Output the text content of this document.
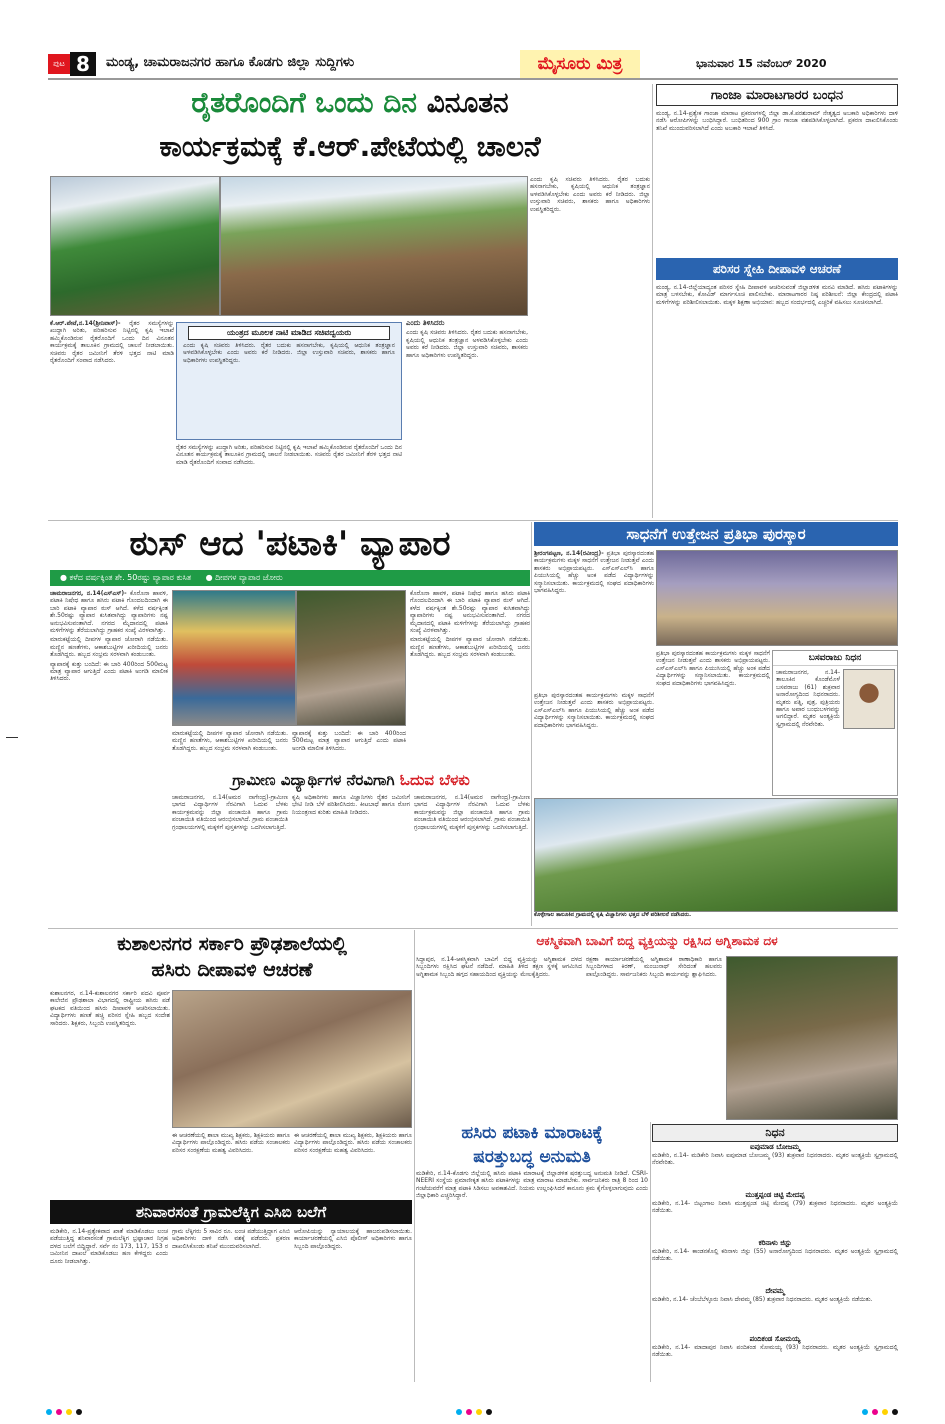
ಪುಟ 8	ಮಂಡ್ಯ, ಚಾಮರಾಜನಗರ ಹಾಗೂ ಕೊಡಗು ಜಿಲ್ಲಾ ಸುದ್ದಿಗಳು	ಮೈಸೂರು ಮಿತ್ರ	ಭಾನುವಾರ 15 ನವೆಂಬರ್ 2020
ರೈತರೊಂದಿಗೆ ಒಂದು ದಿನ ವಿನೂತನ
ಕಾರ್ಯಕ್ರಮಕ್ಕೆ ಕೆ.ಆರ್.ಪೇಟೆಯಲ್ಲಿ ಚಾಲನೆ

ಕೆ.ಆರ್.ಪೇಟೆ,ನ.14(ಶ್ರೀನಿವಾಸ್)- ರೈತರ ಸಮಸ್ಯೆಗಳನ್ನು ಖುದ್ದಾಗಿ ಅರಿತು, ಪರಿಹರಿಸುವ ನಿಟ್ಟಿನಲ್ಲಿ ಕೃಷಿ ಇಲಾಖೆ ಹಮ್ಮಿಕೊಂಡಿರುವ ರೈತರೊಂದಿಗೆ ಒಂದು ದಿನ ವಿನೂತನ ಕಾರ್ಯಕ್ರಮಕ್ಕೆ ತಾಲೂಕಿನ ಗ್ರಾಮದಲ್ಲಿ ಚಾಲನೆ ನೀಡಲಾಯಿತು. ಸಚಿವರು ರೈತರ ಜಮೀನಿಗೆ ತೆರಳಿ ಭತ್ತದ ನಾಟಿ ಮಾಡಿ ರೈತರೊಂದಿಗೆ ಸಂವಾದ ನಡೆಸಿದರು.

ಯಂತ್ರದ ಮೂಲಕ ನಾಟಿ ಮಾಡಿದ ಸಚಿವದ್ವಯರು
ಎಂದು ಕೃಷಿ ಸಚಿವರು ತಿಳಿಸಿದರು. ರೈತರ ಬದುಕು ಹಸನಾಗಬೇಕು, ಕೃಷಿಯಲ್ಲಿ ಆಧುನಿಕ ತಂತ್ರಜ್ಞಾನ ಅಳವಡಿಸಿಕೊಳ್ಳಬೇಕು ಎಂದು ಅವರು ಕರೆ ನೀಡಿದರು. ಜಿಲ್ಲಾ ಉಸ್ತುವಾರಿ ಸಚಿವರು, ಶಾಸಕರು ಹಾಗೂ ಅಧಿಕಾರಿಗಳು ಉಪಸ್ಥಿತರಿದ್ದರು.
ರೈತರ ಸಮಸ್ಯೆಗಳನ್ನು ಖುದ್ದಾಗಿ ಅರಿತು, ಪರಿಹರಿಸುವ ನಿಟ್ಟಿನಲ್ಲಿ ಕೃಷಿ ಇಲಾಖೆ ಹಮ್ಮಿಕೊಂಡಿರುವ ರೈತರೊಂದಿಗೆ ಒಂದು ದಿನ ವಿನೂತನ ಕಾರ್ಯಕ್ರಮಕ್ಕೆ ತಾಲೂಕಿನ ಗ್ರಾಮದಲ್ಲಿ ಚಾಲನೆ ನೀಡಲಾಯಿತು. ಸಚಿವರು ರೈತರ ಜಮೀನಿಗೆ ತೆರಳಿ ಭತ್ತದ ನಾಟಿ ಮಾಡಿ ರೈತರೊಂದಿಗೆ ಸಂವಾದ ನಡೆಸಿದರು.

ಎಂದು ತಿಳಿಸಿದರು

ಎಂದು ಕೃಷಿ ಸಚಿವರು ತಿಳಿಸಿದರು. ರೈತರ ಬದುಕು ಹಸನಾಗಬೇಕು, ಕೃಷಿಯಲ್ಲಿ ಆಧುನಿಕ ತಂತ್ರಜ್ಞಾನ ಅಳವಡಿಸಿಕೊಳ್ಳಬೇಕು ಎಂದು ಅವರು ಕರೆ ನೀಡಿದರು. ಜಿಲ್ಲಾ ಉಸ್ತುವಾರಿ ಸಚಿವರು, ಶಾಸಕರು ಹಾಗೂ ಅಧಿಕಾರಿಗಳು ಉಪಸ್ಥಿತರಿದ್ದರು.

ಎಂದು ಕೃಷಿ ಸಚಿವರು ತಿಳಿಸಿದರು. ರೈತರ ಬದುಕು ಹಸನಾಗಬೇಕು, ಕೃಷಿಯಲ್ಲಿ ಆಧುನಿಕ ತಂತ್ರಜ್ಞಾನ ಅಳವಡಿಸಿಕೊಳ್ಳಬೇಕು ಎಂದು ಅವರು ಕರೆ ನೀಡಿದರು. ಜಿಲ್ಲಾ ಉಸ್ತುವಾರಿ ಸಚಿವರು, ಶಾಸಕರು ಹಾಗೂ ಅಧಿಕಾರಿಗಳು ಉಪಸ್ಥಿತರಿದ್ದರು.
ಗಾಂಜಾ ಮಾರಾಟಗಾರರ ಬಂಧನ
ಮಂಡ್ಯ, ನ.14-ಪ್ರತ್ಯೇಕ ಗಾಂಜಾ ಮಾರಾಟ ಪ್ರಕರಣಗಳಲ್ಲಿ ಜಿಲ್ಲಾ ಡಾ.ಕೆ.ಪರಶುರಾಮ್ ನೇತೃತ್ವದ ಅಬಕಾರಿ ಅಧಿಕಾರಿಗಳು ದಾಳಿ ನಡೆಸಿ ಆರೋಪಿಗಳನ್ನು ಬಂಧಿಸಿದ್ದಾರೆ. ಬಂಧಿತರಿಂದ 900 ಗ್ರಾಂ ಗಾಂಜಾ ವಶಪಡಿಸಿಕೊಳ್ಳಲಾಗಿದೆ. ಪ್ರಕರಣ ದಾಖಲಿಸಿಕೊಂಡು ತನಿಖೆ ಮುಂದುವರಿಸಲಾಗಿದೆ ಎಂದು ಅಬಕಾರಿ ಇಲಾಖೆ ತಿಳಿಸಿದೆ.
ಪರಿಸರ ಸ್ನೇಹಿ ದೀಪಾವಳಿ ಆಚರಣೆ
ಮಂಡ್ಯ, ನ.14-ಜಿಲ್ಲೆಯಾದ್ಯಂತ ಪರಿಸರ ಸ್ನೇಹಿ ದೀಪಾವಳಿ ಆಚರಿಸುವಂತೆ ಜಿಲ್ಲಾಡಳಿತ ಮನವಿ ಮಾಡಿದೆ. ಹಸಿರು ಪಟಾಕಿಗಳನ್ನು ಮಾತ್ರ ಬಳಸಬೇಕು, ಕೋವಿಡ್ ಮಾರ್ಗಸೂಚಿ ಪಾಲಿಸಬೇಕು. ಮಾರಾಟಗಾರರ ನಿಷ್ಠ ಪರಿಶೀಲನೆ: ಜಿಲ್ಲಾ ಕೇಂದ್ರದಲ್ಲಿ ಪಟಾಕಿ ಮಳಿಗೆಗಳನ್ನು ಪರಿಶೀಲಿಸಲಾಯಿತು. ಮಕ್ಕಳ ಶಿಕ್ಷಣಾ ಅಭಿಯಾನ: ಹಬ್ಬದ ಸಂದರ್ಭದಲ್ಲಿ ಎಚ್ಚರಿಕೆ ವಹಿಸಲು ಸೂಚಿಸಲಾಗಿದೆ.
ಠುಸ್ ಆದ 'ಪಟಾಕಿ' ವ್ಯಾಪಾರ
● ಕಳೆದ ವರ್ಷಕ್ಕಿಂತ ಶೇ. 50ರಷ್ಟು ವ್ಯಾಪಾರ ಕುಸಿತ ● ದೀಪಗಳ ವ್ಯಾಪಾರ ಜೋರು

ಚಾಮರಾಜನಗರ, ನ.14(ಎಸ್‌ಎಸ್)- ಕೊರೊನಾ ಹಾವಳಿ, ಪಟಾಕಿ ನಿಷೇಧ ಹಾಗೂ ಹಸಿರು ಪಟಾಕಿ ಗೊಂದಲದಿಂದಾಗಿ ಈ ಬಾರಿ ಪಟಾಕಿ ವ್ಯಾಪಾರ ಠುಸ್ ಆಗಿದೆ. ಕಳೆದ ವರ್ಷಕ್ಕಿಂತ ಶೇ.50ರಷ್ಟು ವ್ಯಾಪಾರ ಕುಸಿತವಾಗಿದ್ದು ವ್ಯಾಪಾರಿಗಳು ನಷ್ಟ ಅನುಭವಿಸುವಂತಾಗಿದೆ. ನಗರದ ಮೈದಾನದಲ್ಲಿ ಪಟಾಕಿ ಮಳಿಗೆಗಳನ್ನು ತೆರೆಯಲಾಗಿದ್ದು ಗ್ರಾಹಕರ ಸಂಖ್ಯೆ ವಿರಳವಾಗಿತ್ತು.

ಮಾರುಕಟ್ಟೆಯಲ್ಲಿ ದೀಪಗಳ ವ್ಯಾಪಾರ ಜೋರಾಗಿ ನಡೆಯಿತು. ಮಣ್ಣಿನ ಹಣತೆಗಳು, ಆಕಾಶಬುಟ್ಟಿಗಳ ಖರೀದಿಯಲ್ಲಿ ಜನರು ತೊಡಗಿದ್ದರು. ಹಬ್ಬದ ಸಂಭ್ರಮ ಸರಳವಾಗಿ ಕಂಡುಬಂತು.

ವ್ಯಾಪಾರಕ್ಕೆ ಕುತ್ತು ಬಂದಿದೆ: ಈ ಬಾರಿ 400ರಿಂದ 500ಮಟ್ಟ ಮಾತ್ರ ವ್ಯಾಪಾರ ಆಗುತ್ತಿದೆ ಎಂದು ಪಟಾಕಿ ಅಂಗಡಿ ಮಾಲೀಕ ತಿಳಿಸಿದರು.

ಮಾರುಕಟ್ಟೆಯಲ್ಲಿ ದೀಪಗಳ ವ್ಯಾಪಾರ ಜೋರಾಗಿ ನಡೆಯಿತು. ಮಣ್ಣಿನ ಹಣತೆಗಳು, ಆಕಾಶಬುಟ್ಟಿಗಳ ಖರೀದಿಯಲ್ಲಿ ಜನರು ತೊಡಗಿದ್ದರು. ಹಬ್ಬದ ಸಂಭ್ರಮ ಸರಳವಾಗಿ ಕಂಡುಬಂತು.
ವ್ಯಾಪಾರಕ್ಕೆ ಕುತ್ತು ಬಂದಿದೆ: ಈ ಬಾರಿ 400ರಿಂದ 500ಮಟ್ಟ ಮಾತ್ರ ವ್ಯಾಪಾರ ಆಗುತ್ತಿದೆ ಎಂದು ಪಟಾಕಿ ಅಂಗಡಿ ಮಾಲೀಕ ತಿಳಿಸಿದರು.

ಕೊರೊನಾ ಹಾವಳಿ, ಪಟಾಕಿ ನಿಷೇಧ ಹಾಗೂ ಹಸಿರು ಪಟಾಕಿ ಗೊಂದಲದಿಂದಾಗಿ ಈ ಬಾರಿ ಪಟಾಕಿ ವ್ಯಾಪಾರ ಠುಸ್ ಆಗಿದೆ. ಕಳೆದ ವರ್ಷಕ್ಕಿಂತ ಶೇ.50ರಷ್ಟು ವ್ಯಾಪಾರ ಕುಸಿತವಾಗಿದ್ದು ವ್ಯಾಪಾರಿಗಳು ನಷ್ಟ ಅನುಭವಿಸುವಂತಾಗಿದೆ. ನಗರದ ಮೈದಾನದಲ್ಲಿ ಪಟಾಕಿ ಮಳಿಗೆಗಳನ್ನು ತೆರೆಯಲಾಗಿದ್ದು ಗ್ರಾಹಕರ ಸಂಖ್ಯೆ ವಿರಳವಾಗಿತ್ತು.

ಮಾರುಕಟ್ಟೆಯಲ್ಲಿ ದೀಪಗಳ ವ್ಯಾಪಾರ ಜೋರಾಗಿ ನಡೆಯಿತು. ಮಣ್ಣಿನ ಹಣತೆಗಳು, ಆಕಾಶಬುಟ್ಟಿಗಳ ಖರೀದಿಯಲ್ಲಿ ಜನರು ತೊಡಗಿದ್ದರು. ಹಬ್ಬದ ಸಂಭ್ರಮ ಸರಳವಾಗಿ ಕಂಡುಬಂತು.

ಗ್ರಾಮೀಣ ವಿದ್ಯಾರ್ಥಿಗಳ ನೆರವಿಗಾಗಿ ಓದುವ ಬೆಳಕು
ಚಾಮರಾಜನಗರ, ನ.14(ಅಮರ ನಾಗೇಂದ್ರ)-ಗ್ರಾಮೀಣ ಭಾಗದ ವಿದ್ಯಾರ್ಥಿಗಳ ನೆರವಿಗಾಗಿ ಓದುವ ಬೆಳಕು ಕಾರ್ಯಕ್ರಮವನ್ನು ಜಿಲ್ಲಾ ಪಂಚಾಯಿತಿ ಹಾಗೂ ಗ್ರಾಮ ಪಂಚಾಯಿತಿ ವತಿಯಿಂದ ಆರಂಭಿಸಲಾಗಿದೆ. ಗ್ರಾಮ ಪಂಚಾಯಿತಿ ಗ್ರಂಥಾಲಯಗಳಲ್ಲಿ ಮಕ್ಕಳಿಗೆ ಪುಸ್ತಕಗಳನ್ನು ಒದಗಿಸಲಾಗುತ್ತಿದೆ.
ಕೃಷಿ ಅಧಿಕಾರಿಗಳು ಹಾಗೂ ವಿಜ್ಞಾನಿಗಳು ರೈತರ ಜಮೀನಿಗೆ ಭೇಟಿ ನೀಡಿ ಬೆಳೆ ಪರಿಶೀಲಿಸಿದರು. ಕೀಟಬಾಧೆ ಹಾಗೂ ರೋಗ ನಿಯಂತ್ರಣದ ಕುರಿತು ಮಾಹಿತಿ ನೀಡಿದರು.
ಚಾಮರಾಜನಗರ, ನ.14(ಅಮರ ನಾಗೇಂದ್ರ)-ಗ್ರಾಮೀಣ ಭಾಗದ ವಿದ್ಯಾರ್ಥಿಗಳ ನೆರವಿಗಾಗಿ ಓದುವ ಬೆಳಕು ಕಾರ್ಯಕ್ರಮವನ್ನು ಜಿಲ್ಲಾ ಪಂಚಾಯಿತಿ ಹಾಗೂ ಗ್ರಾಮ ಪಂಚಾಯಿತಿ ವತಿಯಿಂದ ಆರಂಭಿಸಲಾಗಿದೆ. ಗ್ರಾಮ ಪಂಚಾಯಿತಿ ಗ್ರಂಥಾಲಯಗಳಲ್ಲಿ ಮಕ್ಕಳಿಗೆ ಪುಸ್ತಕಗಳನ್ನು ಒದಗಿಸಲಾಗುತ್ತಿದೆ.
ಸಾಧನೆಗೆ ಉತ್ತೇಜನ ಪ್ರತಿಭಾ ಪುರಸ್ಕಾರ

ಶ್ರೀರಂಗಪಟ್ಟಣ, ನ.14(ರವೀಂದ್ರ)- ಪ್ರತಿಭಾ ಪುರಸ್ಕಾರದಂತಹ ಕಾರ್ಯಕ್ರಮಗಳು ಮಕ್ಕಳ ಸಾಧನೆಗೆ ಉತ್ತೇಜನ ನೀಡುತ್ತವೆ ಎಂದು ಶಾಸಕರು ಅಭಿಪ್ರಾಯಪಟ್ಟರು. ಎಸ್‌ಎಸ್‌ಎಲ್‌ಸಿ ಹಾಗೂ ಪಿಯುಸಿಯಲ್ಲಿ ಹೆಚ್ಚು ಅಂಕ ಪಡೆದ ವಿದ್ಯಾರ್ಥಿಗಳನ್ನು ಸನ್ಮಾನಿಸಲಾಯಿತು. ಕಾರ್ಯಕ್ರಮದಲ್ಲಿ ಸಂಘದ ಪದಾಧಿಕಾರಿಗಳು ಭಾಗವಹಿಸಿದ್ದರು.

ಪ್ರತಿಭಾ ಪುರಸ್ಕಾರದಂತಹ ಕಾರ್ಯಕ್ರಮಗಳು ಮಕ್ಕಳ ಸಾಧನೆಗೆ ಉತ್ತೇಜನ ನೀಡುತ್ತವೆ ಎಂದು ಶಾಸಕರು ಅಭಿಪ್ರಾಯಪಟ್ಟರು. ಎಸ್‌ಎಸ್‌ಎಲ್‌ಸಿ ಹಾಗೂ ಪಿಯುಸಿಯಲ್ಲಿ ಹೆಚ್ಚು ಅಂಕ ಪಡೆದ ವಿದ್ಯಾರ್ಥಿಗಳನ್ನು ಸನ್ಮಾನಿಸಲಾಯಿತು. ಕಾರ್ಯಕ್ರಮದಲ್ಲಿ ಸಂಘದ ಪದಾಧಿಕಾರಿಗಳು ಭಾಗವಹಿಸಿದ್ದರು.
ಪ್ರತಿಭಾ ಪುರಸ್ಕಾರದಂತಹ ಕಾರ್ಯಕ್ರಮಗಳು ಮಕ್ಕಳ ಸಾಧನೆಗೆ ಉತ್ತೇಜನ ನೀಡುತ್ತವೆ ಎಂದು ಶಾಸಕರು ಅಭಿಪ್ರಾಯಪಟ್ಟರು. ಎಸ್‌ಎಸ್‌ಎಲ್‌ಸಿ ಹಾಗೂ ಪಿಯುಸಿಯಲ್ಲಿ ಹೆಚ್ಚು ಅಂಕ ಪಡೆದ ವಿದ್ಯಾರ್ಥಿಗಳನ್ನು ಸನ್ಮಾನಿಸಲಾಯಿತು. ಕಾರ್ಯಕ್ರಮದಲ್ಲಿ ಸಂಘದ ಪದಾಧಿಕಾರಿಗಳು ಭಾಗವಹಿಸಿದ್ದರು.
ಬಸವರಾಜು ನಿಧನ
ಚಾಮರಾಜನಗರ, ನ.14-ತಾಲೂಕಿನ ಕೊಂಡೆಮೊಳೆ ಬಸವರಾಜು (61) ಶುಕ್ರವಾರ ಅನಾರೋಗ್ಯದಿಂದ ನಿಧನರಾದರು. ಮೃತರು ಪತ್ನಿ, ಪುತ್ರ, ಪುತ್ರಿಯರು ಹಾಗೂ ಅಪಾರ ಬಂಧುಬಳಗವನ್ನು ಅಗಲಿದ್ದಾರೆ. ಮೃತರ ಅಂತ್ಯಕ್ರಿಯೆ ಸ್ವಗ್ರಾಮದಲ್ಲಿ ನೆರವೇರಿತು.
ಕೊಳ್ಳೇಗಾಲ ತಾಲೂಕಿನ ಗ್ರಾಮದಲ್ಲಿ ಕೃಷಿ ವಿಜ್ಞಾನಿಗಳು ಭತ್ತದ ಬೆಳೆ ಪರಿಶೀಲನೆ ನಡೆಸಿದರು.
ಕುಶಾಲನಗರ ಸರ್ಕಾರಿ ಪ್ರೌಢಶಾಲೆಯಲ್ಲಿ
ಹಸಿರು ದೀಪಾವಳಿ ಆಚರಣೆ
ಕುಶಾಲನಗರ, ನ.14-ಕುಶಾಲನಗರ ಸರ್ಕಾರಿ ಪದವಿ ಪೂರ್ವ ಕಾಲೇಜಿನ ಪ್ರೌಢಶಾಲಾ ವಿಭಾಗದಲ್ಲಿ ರಾಷ್ಟ್ರೀಯ ಹಸಿರು ಪಡೆ ಘಟಕದ ವತಿಯಿಂದ ಹಸಿರು ದೀಪಾವಳಿ ಆಚರಿಸಲಾಯಿತು. ವಿದ್ಯಾರ್ಥಿಗಳು ಹಣತೆ ಹಚ್ಚಿ ಪರಿಸರ ಸ್ನೇಹಿ ಹಬ್ಬದ ಸಂದೇಶ ಸಾರಿದರು. ಶಿಕ್ಷಕರು, ಸಿಬ್ಬಂದಿ ಉಪಸ್ಥಿತರಿದ್ದರು.
ಈ ಆಚರಣೆಯಲ್ಲಿ ಶಾಲಾ ಮುಖ್ಯ ಶಿಕ್ಷಕರು, ಶಿಕ್ಷಕಿಯರು ಹಾಗೂ ವಿದ್ಯಾರ್ಥಿಗಳು ಪಾಲ್ಗೊಂಡಿದ್ದರು. ಹಸಿರು ಪಡೆಯ ಸಂಚಾಲಕರು ಪರಿಸರ ಸಂರಕ್ಷಣೆಯ ಮಹತ್ವ ವಿವರಿಸಿದರು.
ಈ ಆಚರಣೆಯಲ್ಲಿ ಶಾಲಾ ಮುಖ್ಯ ಶಿಕ್ಷಕರು, ಶಿಕ್ಷಕಿಯರು ಹಾಗೂ ವಿದ್ಯಾರ್ಥಿಗಳು ಪಾಲ್ಗೊಂಡಿದ್ದರು. ಹಸಿರು ಪಡೆಯ ಸಂಚಾಲಕರು ಪರಿಸರ ಸಂರಕ್ಷಣೆಯ ಮಹತ್ವ ವಿವರಿಸಿದರು.
ಆಕಸ್ಮಿಕವಾಗಿ ಬಾವಿಗೆ ಬಿದ್ದ ವ್ಯಕ್ತಿಯನ್ನು ರಕ್ಷಿಸಿದ ಅಗ್ನಿಶಾಮಕ ದಳ
ಸಿದ್ದಾಪುರ, ನ.14-ಆಕಸ್ಮಿಕವಾಗಿ ಬಾವಿಗೆ ಬಿದ್ದ ವ್ಯಕ್ತಿಯನ್ನು ಅಗ್ನಿಶಾಮಕ ದಳದ ಸಿಬ್ಬಂದಿಗಳು ರಕ್ಷಿಸಿದ ಘಟನೆ ನಡೆದಿದೆ. ಮಾಹಿತಿ ತಿಳಿದ ತಕ್ಷಣ ಸ್ಥಳಕ್ಕೆ ಆಗಮಿಸಿದ ಅಗ್ನಿಶಾಮಕ ಸಿಬ್ಬಂದಿ ಹಗ್ಗದ ಸಹಾಯದಿಂದ ವ್ಯಕ್ತಿಯನ್ನು ಮೇಲಕ್ಕೆತ್ತಿದರು.
ರಕ್ಷಣಾ ಕಾರ್ಯಾಚರಣೆಯಲ್ಲಿ ಅಗ್ನಿಶಾಮಕ ಠಾಣಾಧಿಕಾರಿ ಹಾಗೂ ಸಿಬ್ಬಂದಿಗಳಾದ ಕಿರಣ್, ಮಂಜುನಾಥ್ ಸೇರಿದಂತೆ ಹಲವರು ಪಾಲ್ಗೊಂಡಿದ್ದರು. ಸಾರ್ವಜನಿಕರು ಸಿಬ್ಬಂದಿ ಕಾರ್ಯವನ್ನು ಶ್ಲಾಘಿಸಿದರು.
ಹಸಿರು ಪಟಾಕಿ ಮಾರಾಟಕ್ಕೆ
ಷರತ್ತುಬದ್ಧ ಅನುಮತಿ
ಮಡಿಕೇರಿ, ನ.14-ಕೊಡಗು ಜಿಲ್ಲೆಯಲ್ಲಿ ಹಸಿರು ಪಟಾಕಿ ಮಾರಾಟಕ್ಕೆ ಜಿಲ್ಲಾಡಳಿತ ಷರತ್ತುಬದ್ಧ ಅನುಮತಿ ನೀಡಿದೆ. CSRI-NEERI ಸಂಸ್ಥೆಯ ಪ್ರಮಾಣೀಕೃತ ಹಸಿರು ಪಟಾಕಿಗಳನ್ನು ಮಾತ್ರ ಮಾರಾಟ ಮಾಡಬೇಕು. ಸಾರ್ವಜನಿಕರು ರಾತ್ರಿ 8 ರಿಂದ 10 ಗಂಟೆಯವರೆಗೆ ಮಾತ್ರ ಪಟಾಕಿ ಸಿಡಿಸಲು ಅವಕಾಶವಿದೆ. ನಿಯಮ ಉಲ್ಲಂಘಿಸಿದರೆ ಕಾನೂನು ಕ್ರಮ ಕೈಗೊಳ್ಳಲಾಗುವುದು ಎಂದು ಜಿಲ್ಲಾಧಿಕಾರಿ ಎಚ್ಚರಿಸಿದ್ದಾರೆ.
ನಿಧನ
ಐಪುಮಾಡ ಬೋಜಮ್ಮ
ಮಡಿಕೇರಿ, ನ.14- ಮಡಿಕೇರಿ ನಿವಾಸಿ ಐಪುಮಾಡ ಬೋಜಮ್ಮ (93) ಶುಕ್ರವಾರ ನಿಧನರಾದರು. ಮೃತರ ಅಂತ್ಯಕ್ರಿಯೆ ಸ್ವಗ್ರಾಮದಲ್ಲಿ ನೆರವೇರಿತು.
ಮುತ್ತಪ್ಪಂಡ ಚಿಟ್ಟಿ ಮೇದಪ್ಪ
ಮಡಿಕೇರಿ, ನ.14- ಬಿಟ್ಟಂಗಾಲ ನಿವಾಸಿ ಮುತ್ತಪ್ಪಂಡ ಚಿಟ್ಟಿ ಮೇದಪ್ಪ (79) ಶುಕ್ರವಾರ ನಿಧನರಾದರು. ಮೃತರ ಅಂತ್ಯಕ್ರಿಯೆ ನಡೆಯಿತು.
ಕರಿನಾಳು ಜಿಸ್ಟು
ಮಡಿಕೇರಿ, ನ.14- ಕಾಂಡನಕೊಲ್ಲಿ ಕರಿನಾಳು ಜಿಸ್ಟು (55) ಅನಾರೋಗ್ಯದಿಂದ ನಿಧನರಾದರು. ಮೃತರ ಅಂತ್ಯಕ್ರಿಯೆ ಸ್ವಗ್ರಾಮದಲ್ಲಿ ನಡೆಯಿತು.
ದೇವಮ್ಮ
ಮಡಿಕೇರಿ, ನ.14- ಚೆಂಬೆಬೆಳ್ಳೂರು ನಿವಾಸಿ ದೇವಮ್ಮ (85) ಶುಕ್ರವಾರ ನಿಧನರಾದರು. ಮೃತರ ಅಂತ್ಯಕ್ರಿಯೆ ನಡೆಯಿತು.
ಪಂದಿಕಂಡ ಸೋಮಯ್ಯ
ಮಡಿಕೇರಿ, ನ.14- ಮಾದಾಪುರ ನಿವಾಸಿ ಪಂದಿಕಂಡ ಸೋಮಯ್ಯ (93) ನಿಧನರಾದರು. ಮೃತರ ಅಂತ್ಯಕ್ರಿಯೆ ಸ್ವಗ್ರಾಮದಲ್ಲಿ ನಡೆಯಿತು.
ಶನಿವಾರಸಂತೆ ಗ್ರಾಮಲೆಕ್ಕಿಗ ಎಸಿಬಿ ಬಲೆಗೆ
ಮಡಿಕೇರಿ, ನ.14-ಪ್ರತ್ಯೇಕವಾದ ಖಾತೆ ಮಾಡಿಕೊಡಲು ಲಂಚ ಪಡೆಯುತ್ತಿದ್ದ ಶನಿವಾರಸಂತೆ ಗ್ರಾಮಲೆಕ್ಕಿಗ ಭ್ರಷ್ಟಾಚಾರ ನಿಗ್ರಹ ದಳದ ಬಲೆಗೆ ಬಿದ್ದಿದ್ದಾರೆ. ಸರ್ವೆ ನಂ 173, 117, 153 ರ ಜಮೀನಿನ ದಾಖಲೆ ಮಾಡಿಕೊಡಲು ಹಣ ಕೇಳಿದ್ದರು ಎಂದು ದೂರು ನೀಡಲಾಗಿತ್ತು.
ಗ್ರಾಮ ಲೆಕ್ಕಿಗರು 5 ಸಾವಿರ ರೂ. ಲಂಚ ಪಡೆಯುತ್ತಿದ್ದಾಗ ಎಸಿಬಿ ಅಧಿಕಾರಿಗಳು ದಾಳಿ ನಡೆಸಿ ವಶಕ್ಕೆ ಪಡೆದರು. ಪ್ರಕರಣ ದಾಖಲಿಸಿಕೊಂಡು ತನಿಖೆ ಮುಂದುವರಿಸಲಾಗಿದೆ.
ಆರೋಪಿಯನ್ನು ನ್ಯಾಯಾಲಯಕ್ಕೆ ಹಾಜರುಪಡಿಸಲಾಯಿತು. ಕಾರ್ಯಾಚರಣೆಯಲ್ಲಿ ಎಸಿಬಿ ಪೊಲೀಸ್ ಅಧಿಕಾರಿಗಳು ಹಾಗೂ ಸಿಬ್ಬಂದಿ ಪಾಲ್ಗೊಂಡಿದ್ದರು.
